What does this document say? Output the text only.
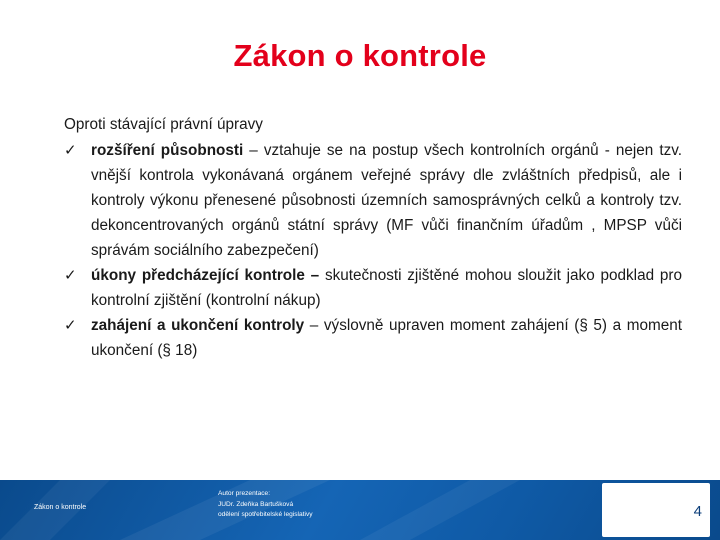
Zákon o kontrole

Oproti stávající právní úpravy

✓ rozšíření působnosti – vztahuje se na postup všech kontrolních orgánů - nejen tzv. vnější kontrola vykonávaná orgánem veřejné správy dle zvláštních předpisů, ale i kontroly výkonu přenesené působnosti územních samosprávných celků a kontroly tzv. dekoncentrovaných orgánů státní správy (MF vůči finančním úřadům , MPSP vůči správám sociálního zabezpečení)
✓ úkony předcházející kontrole – skutečnosti zjištěné mohou sloužit jako podklad pro kontrolní zjištění (kontrolní nákup)
✓ zahájení a ukončení kontroly – výslovně upraven moment zahájení (§ 5) a moment ukončení (§ 18)
Zákon o kontrole
Autor prezentace:
JUDr. Zdeňka Bartušková
odělení spotřebitelské legislativy	4
